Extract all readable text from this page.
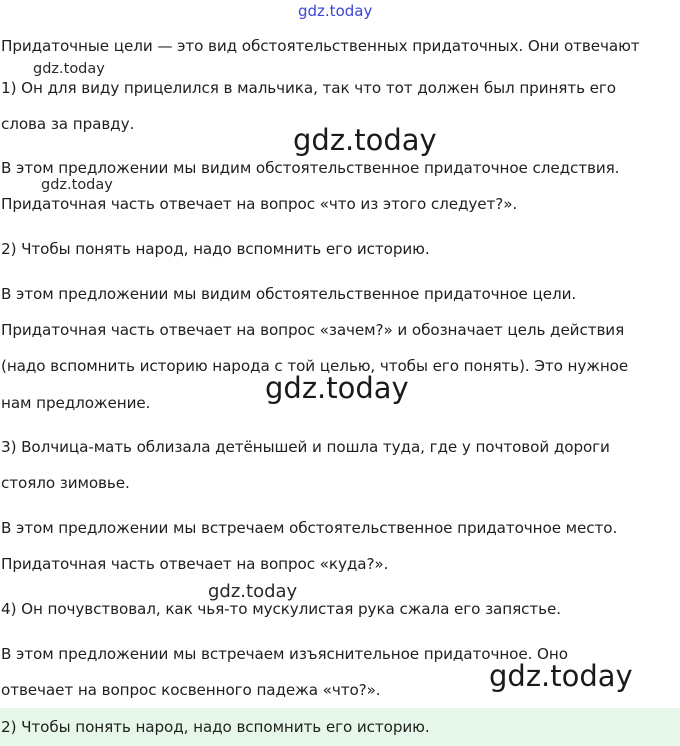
gdz.today

Придаточные цели — это вид обстоятельственных придаточных. Они отвечают

gdz.today

1) Он для виду прицелился в мальчика, так что тот должен был принять его

слова за правду.	gdz.today

В этом предложении мы видим обстоятельственное придаточное следствия.

gdz.today

Придаточная часть отвечает на вопрос «что из этого следует?».

2) Чтобы понять народ, надо вспомнить его историю.

В этом предложении мы видим обстоятельственное придаточное цели.

Придаточная часть отвечает на вопрос «зачем?» и обозначает цель действия

(надо вспомнить историю народа с той целью, чтобы его понять). Это нужное

gdz.today

нам предложение.

3) Волчица-мать облизала детёнышей и пошла туда, где у почтовой дороги

стояло зимовье.

В этом предложении мы встречаем обстоятельственное придаточное место.

Придаточная часть отвечает на вопрос «куда?».

gdz.today

4) Он почувствовал, как чья-то мускулистая рука сжала его запястье.

В этом предложении мы встречаем изъяснительное придаточное. Оно

gdz.today

отвечает на вопрос косвенного падежа «что?».

2) Чтобы понять народ, надо вспомнить его историю.
